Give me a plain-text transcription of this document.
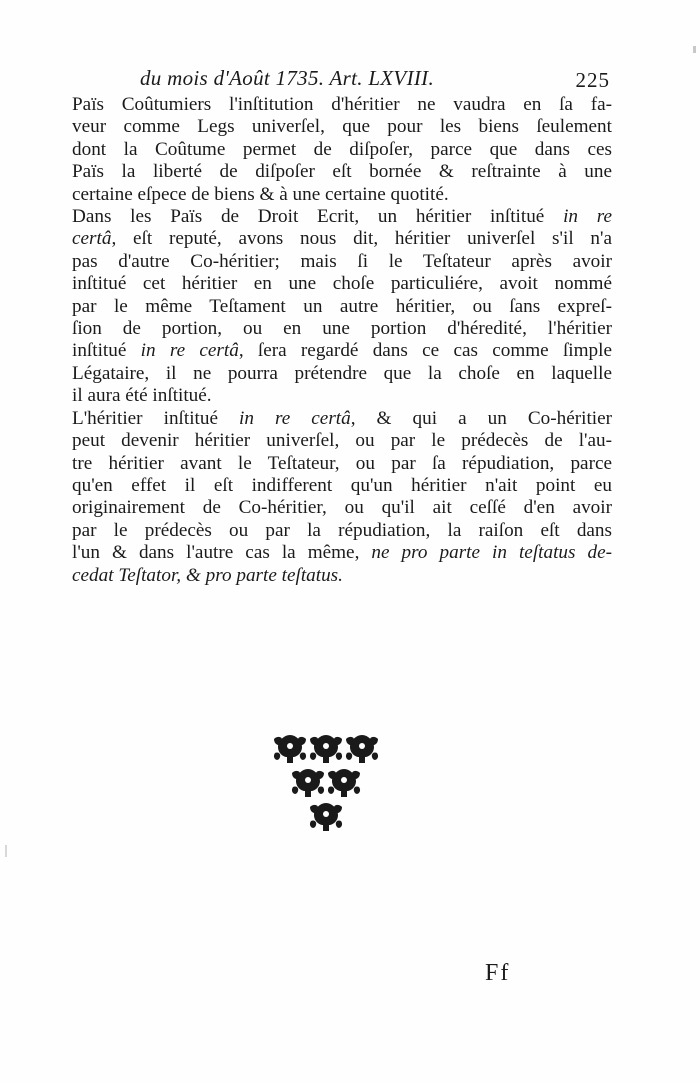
du mois d'Août 1735. Art. LXVIII.	225
Païs Coûtumiers l'inſtitution d'héritier ne vaudra en ſa fa-
veur comme Legs univerſel, que pour les biens ſeulement
dont la Coûtume permet de diſpoſer, parce que dans ces
Païs la liberté de diſpoſer eſt bornée & reſtrainte à une
certaine eſpece de biens & à une certaine quotité.
Dans les Païs de Droit Ecrit, un héritier inſtitué in re
certâ, eſt reputé, avons nous dit, héritier univerſel s'il n'a
pas d'autre Co-héritier; mais ſi le Teſtateur après avoir
inſtitué cet héritier en une choſe particuliére, avoit nommé
par le même Teſtament un autre héritier, ou ſans expreſ-
ſion de portion, ou en une portion d'héredité, l'héritier
inſtitué in re certâ, ſera regardé dans ce cas comme ſimple
Légataire, il ne pourra prétendre que la choſe en laquelle
il aura été inſtitué.
L'héritier inſtitué in re certâ, & qui a un Co-héritier
peut devenir héritier univerſel, ou par le prédecès de l'au-
tre héritier avant le Teſtateur, ou par ſa répudiation, parce
qu'en effet il eſt indifferent qu'un héritier n'ait point eu
originairement de Co-héritier, ou qu'il ait ceſſé d'en avoir
par le prédecès ou par la répudiation, la raiſon eſt dans
l'un & dans l'autre cas la même, ne pro parte in teſtatus de-
cedat Teſtator, & pro parte teſtatus.
Ff
